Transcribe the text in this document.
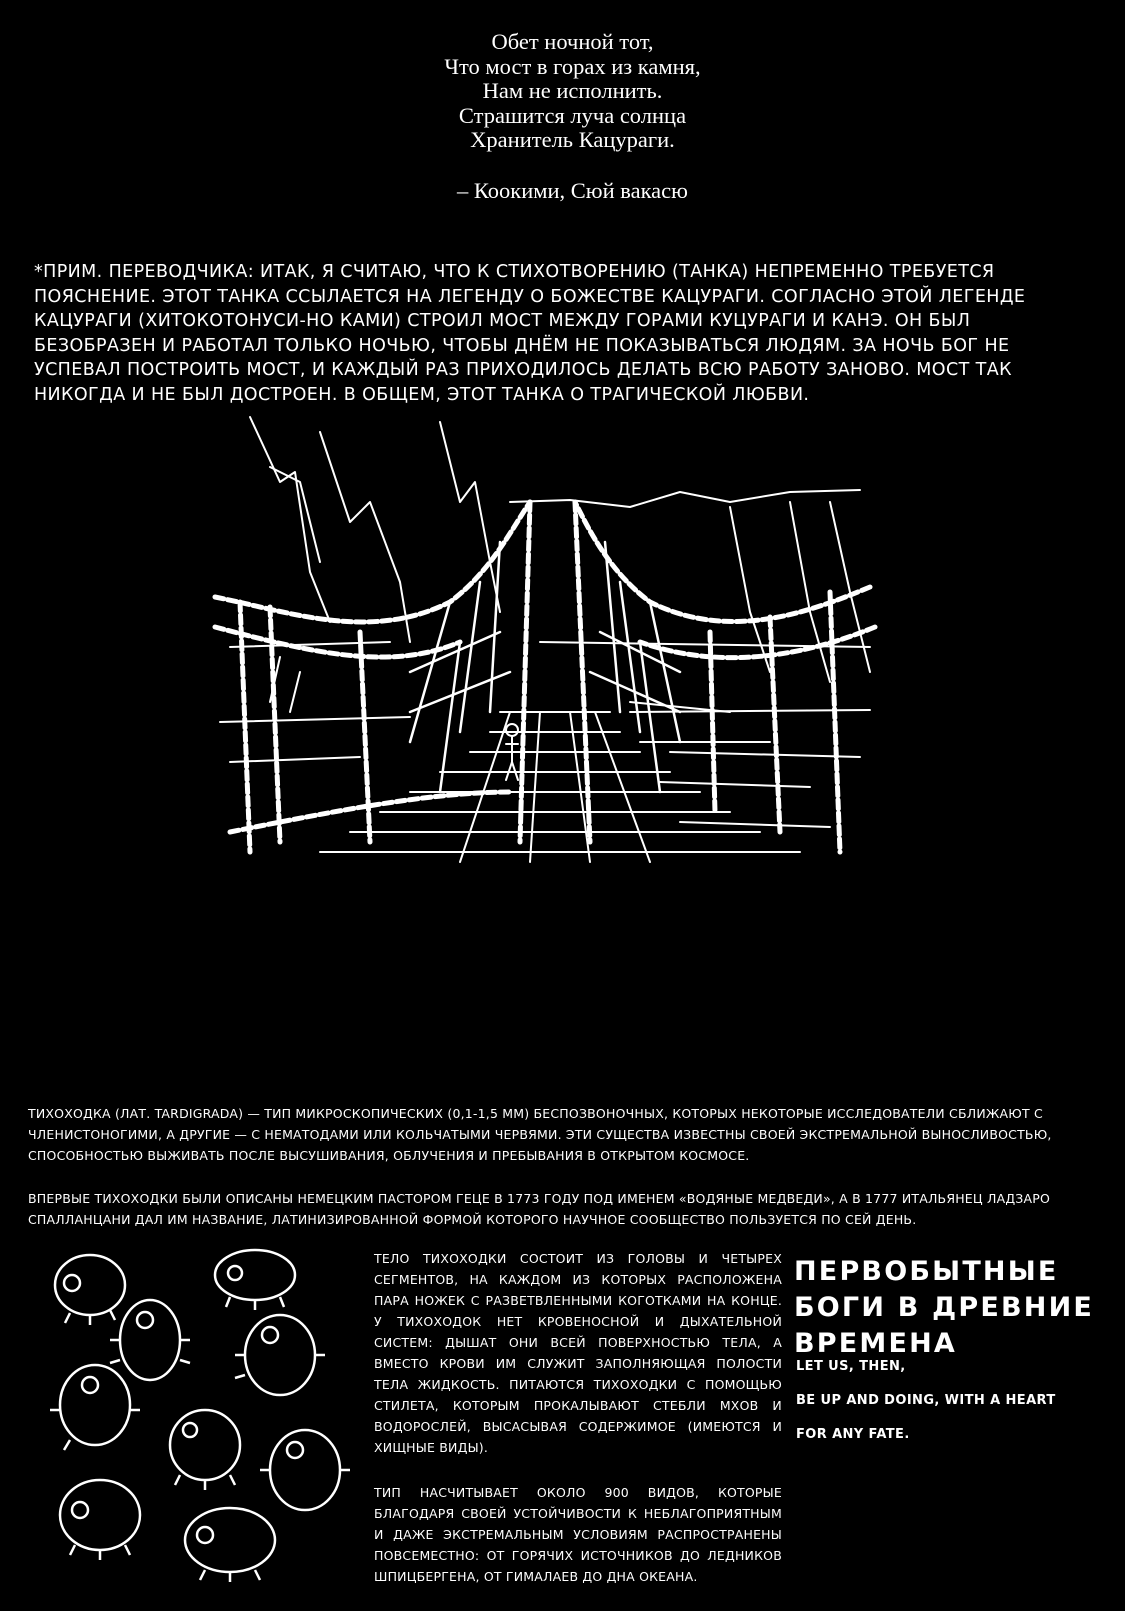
Обет ночной тот,
Что мост в горах из камня,
Нам не исполнить.
Страшится луча солнца
Хранитель Кацураги.
– Коокими, Сюй вакасю
*ПРИМ. ПЕРЕВОДЧИКА: ИТАК, Я СЧИТАЮ, ЧТО К СТИХОТВОРЕНИЮ (ТАНКА) НЕПРЕМЕННО ТРЕБУЕТСЯ ПОЯСНЕНИЕ. ЭТОТ ТАНКА ССЫЛАЕТСЯ НА ЛЕГЕНДУ О БОЖЕСТВЕ КАЦУРАГИ. СОГЛАСНО ЭТОЙ ЛЕГЕНДЕ КАЦУРАГИ (ХИТОКОТОНУСИ-НО КАМИ) СТРОИЛ МОСТ МЕЖДУ ГОРАМИ КУЦУРАГИ И КАНЭ. ОН БЫЛ БЕЗОБРАЗЕН И РАБОТАЛ ТОЛЬКО НОЧЬЮ, ЧТОБЫ ДНЁМ НЕ ПОКАЗЫВАТЬСЯ ЛЮДЯМ. ЗА НОЧЬ БОГ НЕ УСПЕВАЛ ПОСТРОИТЬ МОСТ, И КАЖДЫЙ РАЗ ПРИХОДИЛОСЬ ДЕЛАТЬ ВСЮ РАБОТУ ЗАНОВО. МОСТ ТАК НИКОГДА И НЕ БЫЛ ДОСТРОЕН. В ОБЩЕМ, ЭТОТ ТАНКА О ТРАГИЧЕСКОЙ ЛЮБВИ.
ТИХОХОДКА (ЛАТ. TARDIGRADA) — ТИП МИКРОСКОПИЧЕСКИХ (0,1-1,5 ММ) БЕСПОЗВОНОЧНЫХ, КОТОРЫХ НЕКОТОРЫЕ ИССЛЕДОВАТЕЛИ СБЛИЖАЮТ С ЧЛЕНИСТОНОГИМИ, А ДРУГИЕ — С НЕМАТОДАМИ ИЛИ КОЛЬЧАТЫМИ ЧЕРВЯМИ. ЭТИ СУЩЕСТВА ИЗВЕСТНЫ СВОЕЙ ЭКСТРЕМАЛЬНОЙ ВЫНОСЛИВОСТЬЮ, СПОСОБНОСТЬЮ ВЫЖИВАТЬ ПОСЛЕ ВЫСУШИВАНИЯ, ОБЛУЧЕНИЯ И ПРЕБЫВАНИЯ В ОТКРЫТОМ КОСМОСЕ.
ВПЕРВЫЕ ТИХОХОДКИ БЫЛИ ОПИСАНЫ НЕМЕЦКИМ ПАСТОРОМ ГЕЦЕ В 1773 ГОДУ ПОД ИМЕНЕМ «ВОДЯНЫЕ МЕДВЕДИ», А В 1777 ИТАЛЬЯНЕЦ ЛАДЗАРО СПАЛЛАНЦАНИ ДАЛ ИМ НАЗВАНИЕ, ЛАТИНИЗИРОВАННОЙ ФОРМОЙ КОТОРОГО НАУЧНОЕ СООБЩЕСТВО ПОЛЬЗУЕТСЯ ПО СЕЙ ДЕНЬ.

ТЕЛО ТИХОХОДКИ СОСТОИТ ИЗ ГОЛОВЫ И ЧЕТЫРЕХ СЕГМЕНТОВ, НА КАЖДОМ ИЗ КОТОРЫХ РАСПОЛОЖЕНА ПАРА НОЖЕК С РАЗВЕТВЛЕННЫМИ КОГОТКАМИ НА КОНЦЕ. У ТИХОХОДОК НЕТ КРОВЕНОСНОЙ И ДЫХАТЕЛЬНОЙ СИСТЕМ: ДЫШАТ ОНИ ВСЕЙ ПОВЕРХНОСТЬЮ ТЕЛА, А ВМЕСТО КРОВИ ИМ СЛУЖИТ ЗАПОЛНЯЮЩАЯ ПОЛОСТИ ТЕЛА ЖИДКОСТЬ. ПИТАЮТСЯ ТИХОХОДКИ С ПОМОЩЬЮ СТИЛЕТА, КОТОРЫМ ПРОКАЛЫВАЮТ СТЕБЛИ МХОВ И ВОДОРОСЛЕЙ, ВЫСАСЫВАЯ СОДЕРЖИМОЕ (ИМЕЮТСЯ И ХИЩНЫЕ ВИДЫ).

ТИП НАСЧИТЫВАЕТ ОКОЛО 900 ВИДОВ, КОТОРЫЕ БЛАГОДАРЯ СВОЕЙ УСТОЙЧИВОСТИ К НЕБЛАГОПРИЯТНЫМ И ДАЖЕ ЭКСТРЕМАЛЬНЫМ УСЛОВИЯМ РАСПРОСТРАНЕНЫ ПОВСЕМЕСТНО: ОТ ГОРЯЧИХ ИСТОЧНИКОВ ДО ЛЕДНИКОВ ШПИЦБЕРГЕНА, ОТ ГИМАЛАЕВ ДО ДНА ОКЕАНА.

ПЕРВОБЫТНЫЕ БОГИ В ДРЕВНИЕ ВРЕМЕНА
LET US, THEN,
BE UP AND DOING, WITH A HEART
FOR ANY FATE.
